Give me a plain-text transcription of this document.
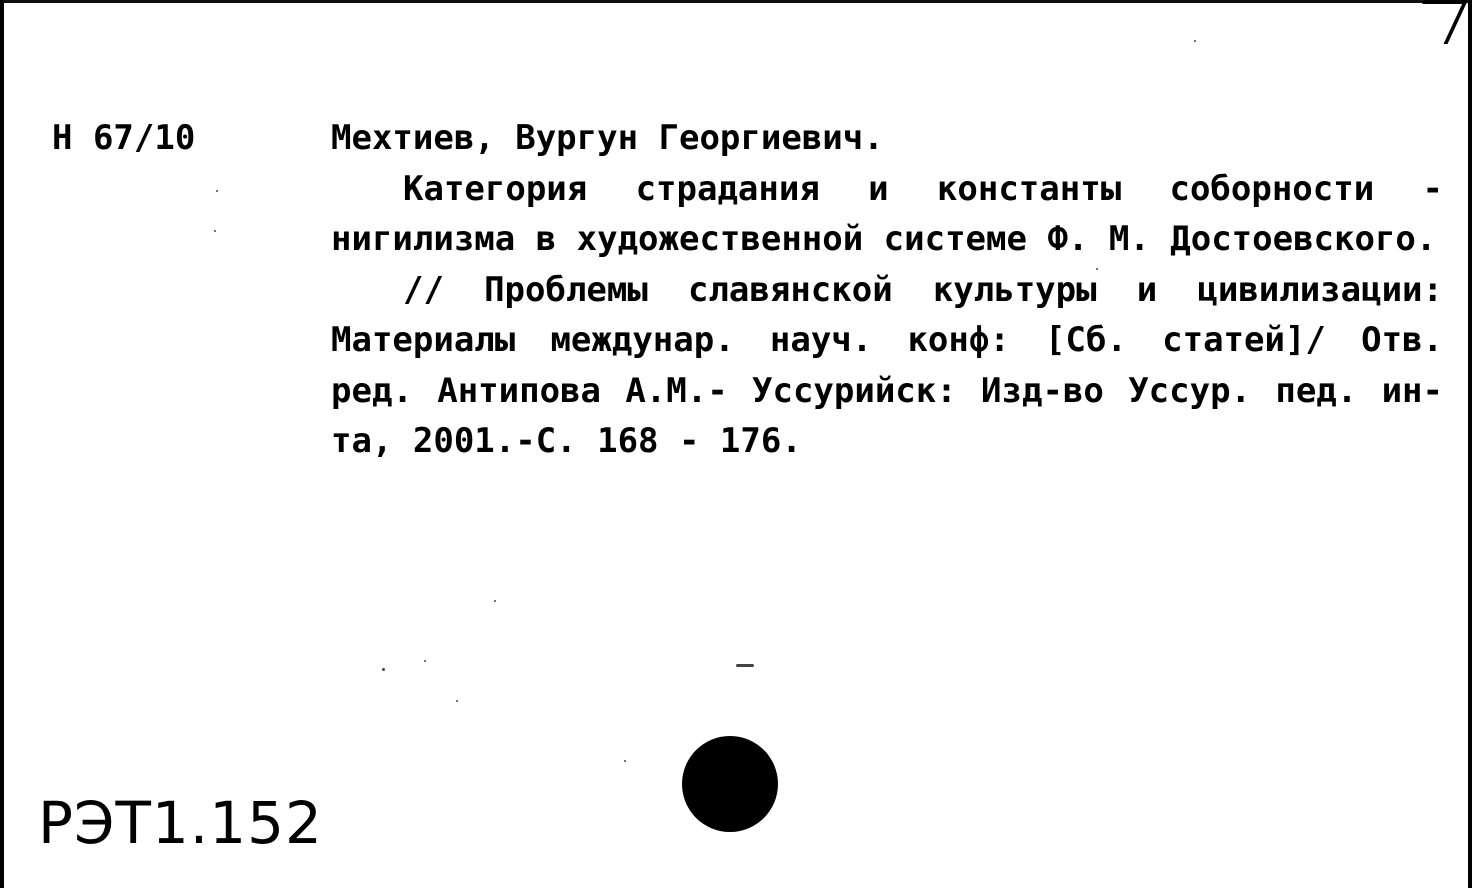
Н 67/10	Мехтиев, Вургун Георгиевич.

Категория страдания и константы соборности - нигилизма в художественной системе Ф. М. Достоевского.

// Проблемы славянской культуры и цивилизации: Материалы междунар. науч. конф: [Сб. статей]/ Отв. ред. Антипова А.М.- Уссурийск: Изд-во Уссур. пед. ин-та, 2001.-С. 168 - 176.

РЭТ1.152
